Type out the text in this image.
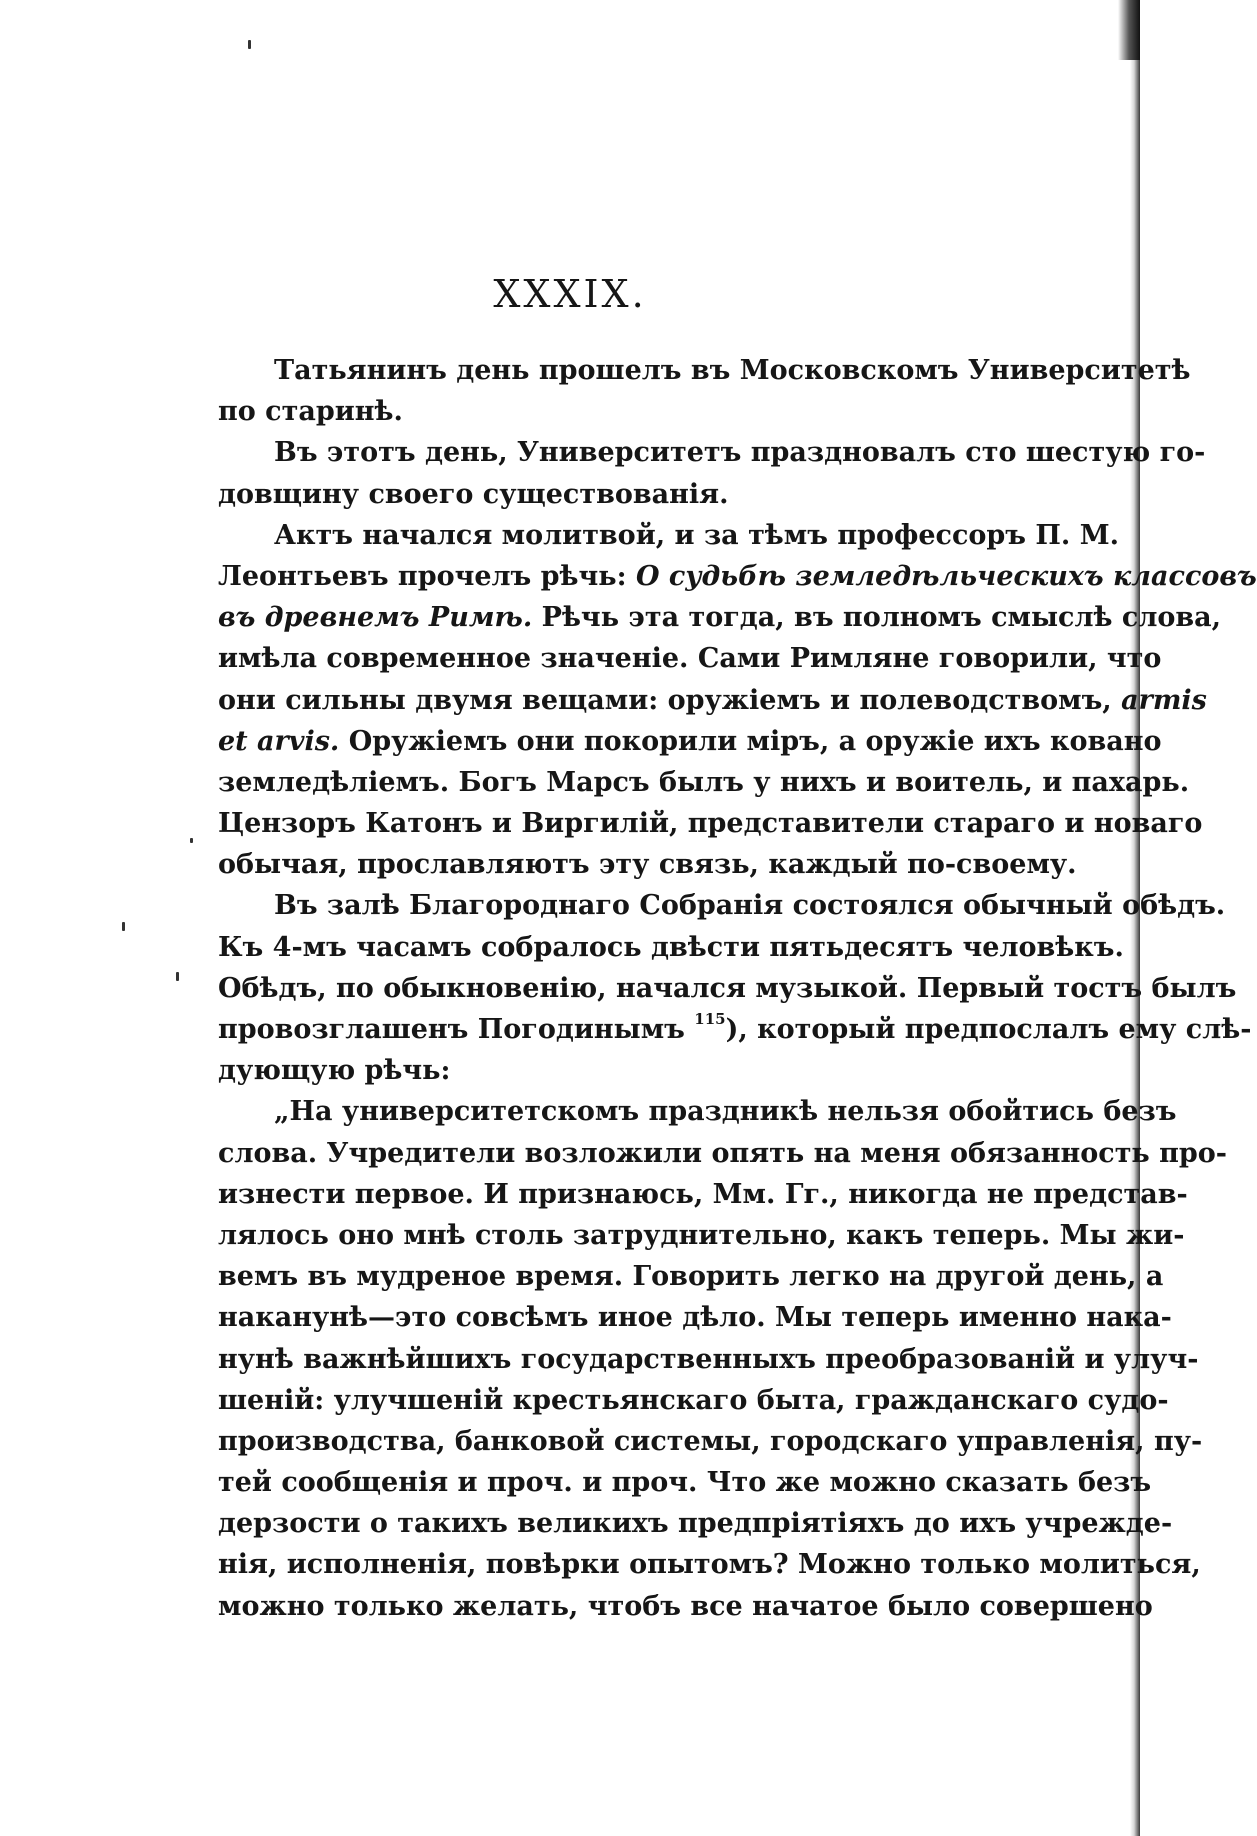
XXXIX.
Татьянинъ день прошелъ въ Московскомъ Университетѣ
по старинѣ.
Въ этотъ день, Университетъ праздновалъ сто шестую го-
довщину своего существованія.
Актъ начался молитвой, и за тѣмъ профессоръ П. М.
Леонтьевъ прочелъ рѣчь: О судьбѣ земледѣльческихъ классовъ
въ древнемъ Римѣ. Рѣчь эта тогда, въ полномъ смыслѣ слова,
имѣла современное значеніе. Сами Римляне говорили, что
они сильны двумя вещами: оружіемъ и полеводствомъ, armis
et arvis. Оружіемъ они покорили міръ, а оружіе ихъ ковано
земледѣліемъ. Богъ Марсъ былъ у нихъ и воитель, и пахарь.
Цензоръ Катонъ и Виргилій, представители стараго и новаго
обычая, прославляютъ эту связь, каждый по-своему.
Въ залѣ Благороднаго Собранія состоялся обычный обѣдъ.
Къ 4-мъ часамъ собралось двѣсти пятьдесятъ человѣкъ.
Обѣдъ, по обыкновенію, начался музыкой. Первый тостъ былъ
провозглашенъ Погодинымъ $^{115}$), который предпослалъ ему слѣ-
дующую рѣчь:
„На университетскомъ праздникѣ нельзя обойтись безъ
слова. Учредители возложили опять на меня обязанность про-
изнести первое. И признаюсь, Мм. Гг., никогда не представ-
лялось оно мнѣ столь затруднительно, какъ теперь. Мы жи-
вемъ въ мудреное время. Говорить легко на другой день, а
наканунѣ—это совсѣмъ иное дѣло. Мы теперь именно нака-
нунѣ важнѣйшихъ государственныхъ преобразованій и улуч-
шеній: улучшеній крестьянскаго быта, гражданскаго судо-
производства, банковой системы, городскаго управленія, пу-
тей сообщенія и проч. и проч. Что же можно сказать безъ
дерзости о такихъ великихъ предпріятіяхъ до ихъ учрежде-
нія, исполненія, повѣрки опытомъ? Можно только молиться,
можно только желать, чтобъ все начатое было совершено
